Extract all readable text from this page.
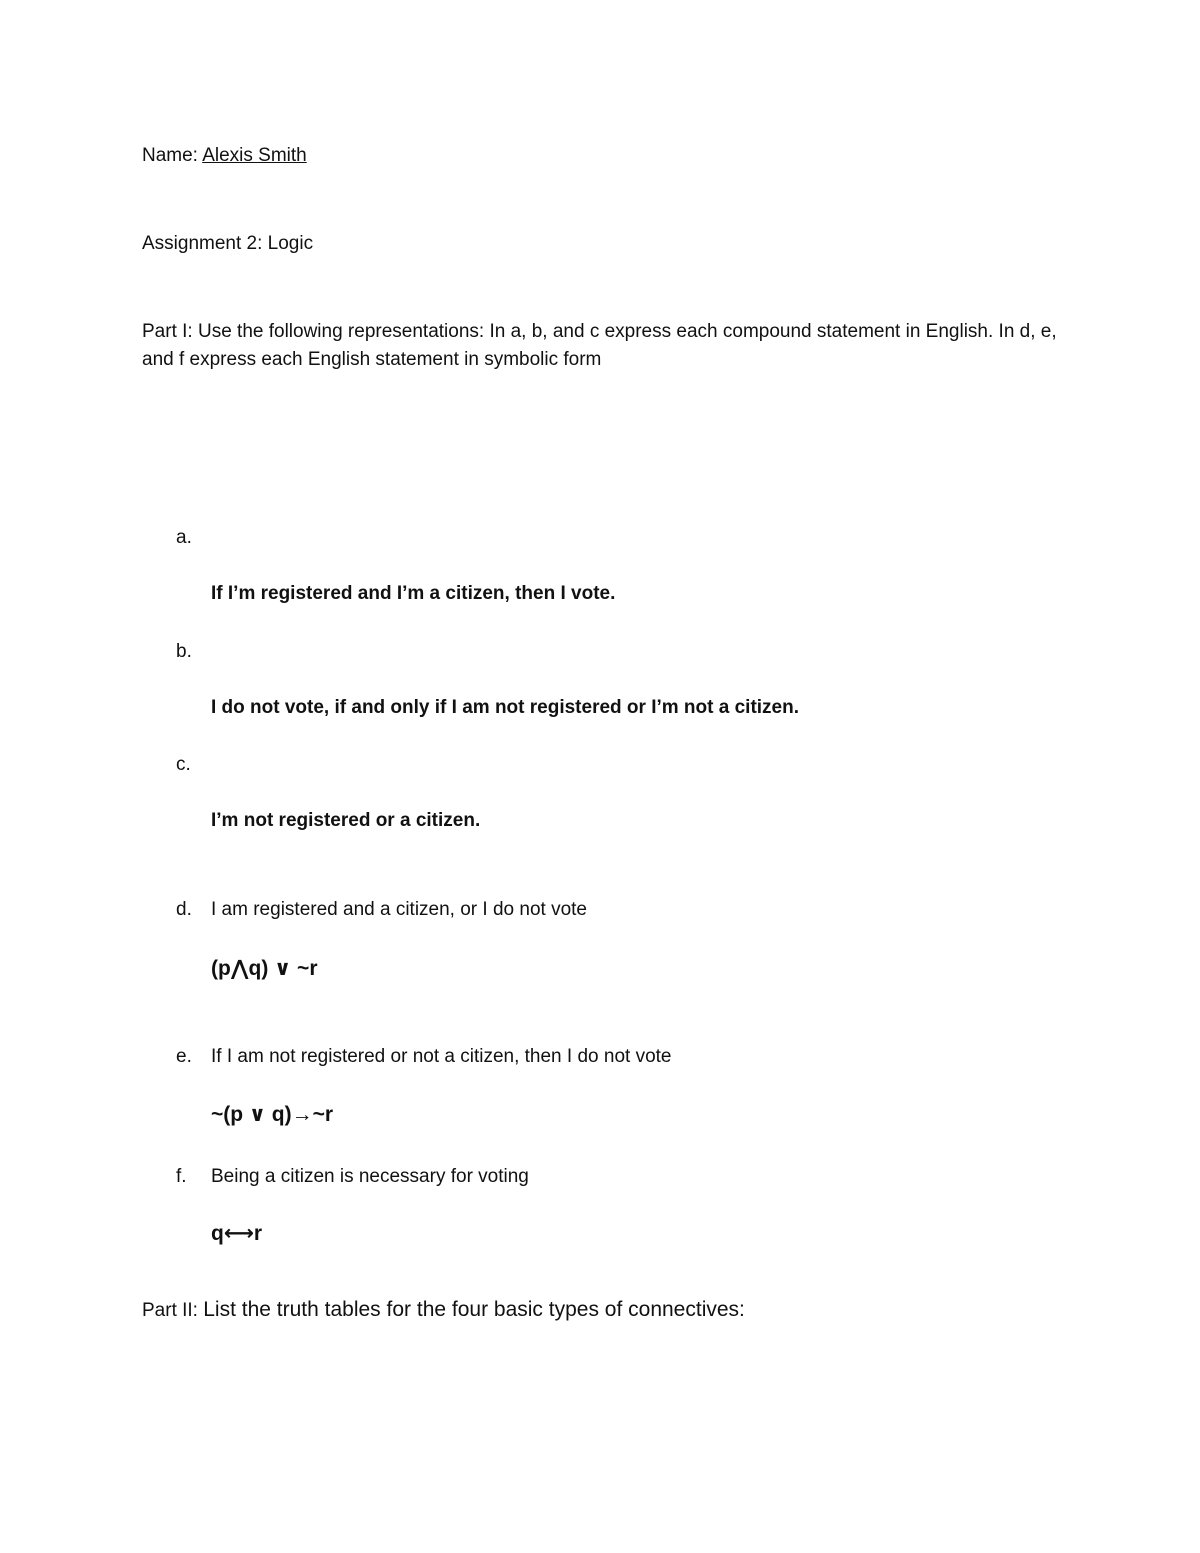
Name: Alexis Smith
Assignment 2: Logic
Part I: Use the following representations: In a, b, and c express each compound statement in English. In d, e, and f express each English statement in symbolic form
a.
If I’m registered and I’m a citizen, then I vote.
b.
I do not vote, if and only if I am not registered or I’m not a citizen.
c.
I’m not registered or a citizen.
d. I am registered and a citizen, or I do not vote
(p⋀q) ∨ ~r
e. If I am not registered or not a citizen, then I do not vote
~(p ∨ q)→~r
f. Being a citizen is necessary for voting
q⟷r
Part II: List the truth tables for the four basic types of connectives:
